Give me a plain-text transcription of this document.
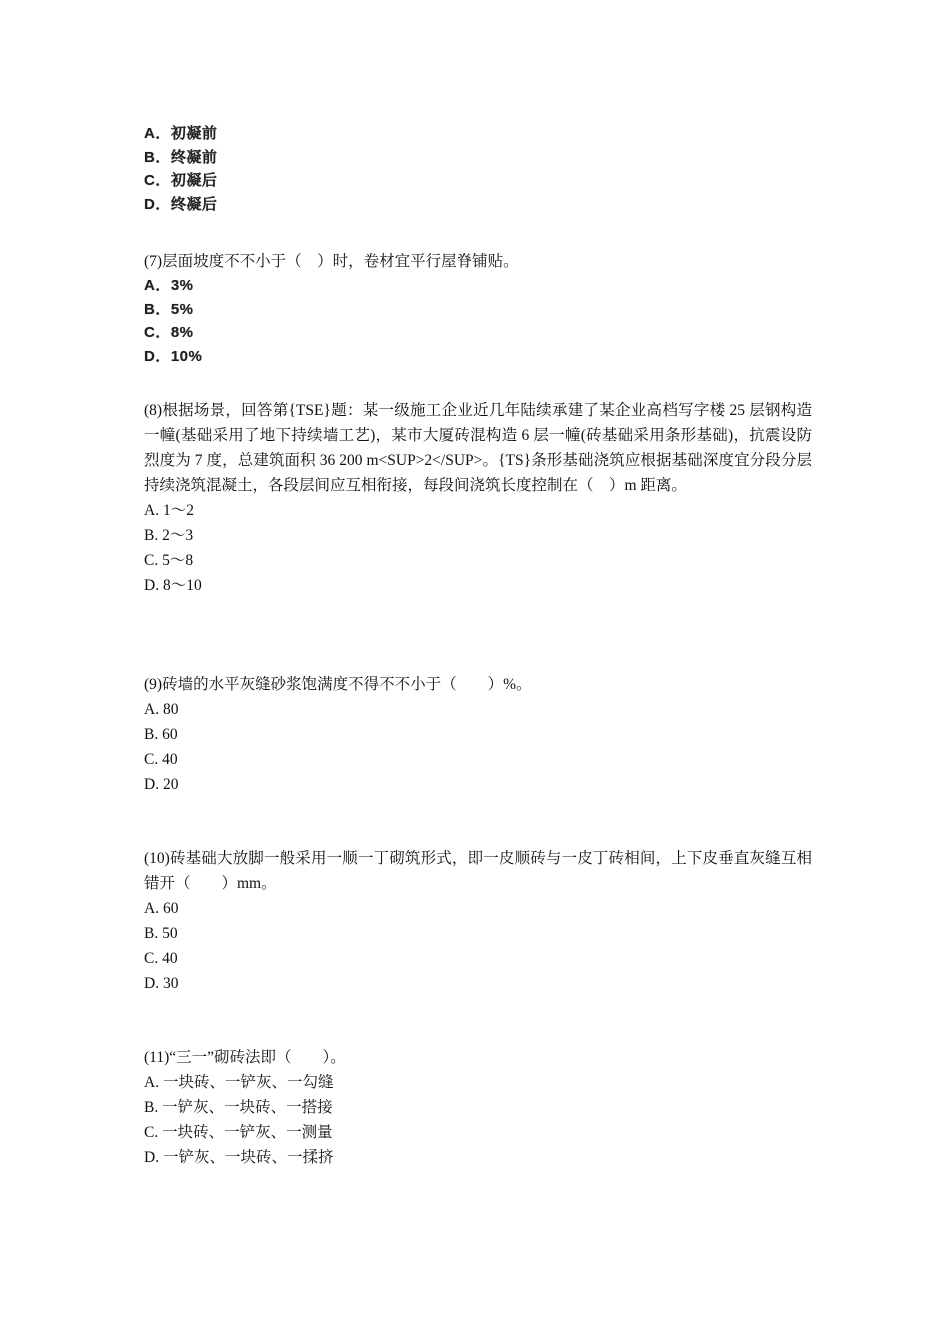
A．初凝前
B．终凝前
C．初凝后
D．终凝后
(7)层面坡度不不小于（　）时，卷材宜平行屋脊铺贴。
A．3%
B．5%
C．8%
D．10%
(8)根据场景，回答第{TSE}题：某一级施工企业近几年陆续承建了某企业高档写字楼 25 层钢构造一幢(基础采用了地下持续墙工艺)，某市大厦砖混构造 6 层一幢(砖基础采用条形基础)，抗震设防烈度为 7 度，总建筑面积 36 200 m<SUP>2</SUP>。{TS}条形基础浇筑应根据基础深度宜分段分层持续浇筑混凝土，各段层间应互相衔接，每段间浇筑长度控制在（　）m 距离。
A. 1～2
B. 2～3
C. 5～8
D. 8～10
(9)砖墙的水平灰缝砂浆饱满度不得不不小于（　　）%。
A. 80
B. 60
C. 40
D. 20
(10)砖基础大放脚一般采用一顺一丁砌筑形式，即一皮顺砖与一皮丁砖相间，上下皮垂直灰缝互相错开（　　）mm。
A. 60
B. 50
C. 40
D. 30
(11)“三一”砌砖法即（　　）。
A. 一块砖、一铲灰、一勾缝
B. 一铲灰、一块砖、一搭接
C. 一块砖、一铲灰、一测量
D. 一铲灰、一块砖、一揉挤
